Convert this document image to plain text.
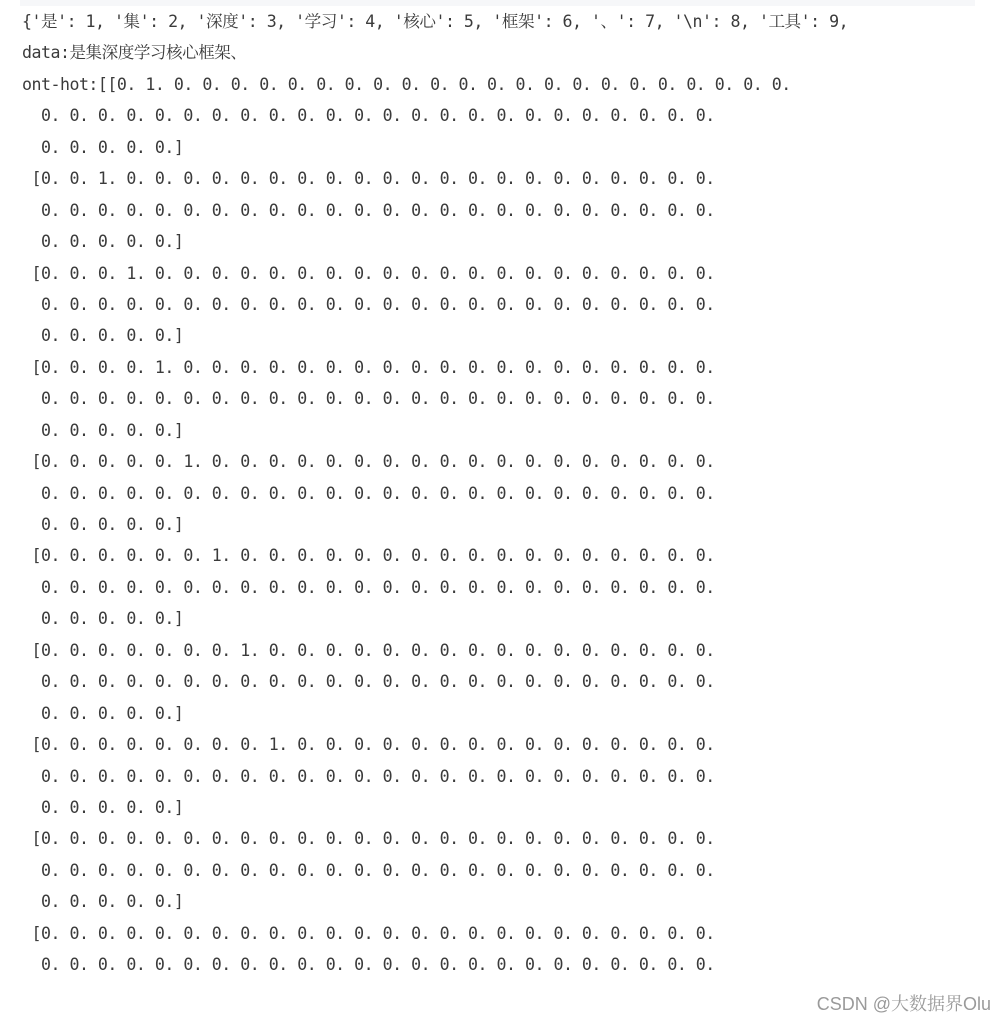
{'是': 1, '集': 2, '深度': 3, '学习': 4, '核心': 5, '框架': 6, '、': 7, '\n': 8, '工具': 9,
data:是集深度学习核心框架、
ont-hot:[[0. 1. 0. 0. 0. 0. 0. 0. 0. 0. 0. 0. 0. 0. 0. 0. 0. 0. 0. 0. 0. 0. 0. 0.
0. 0. 0. 0. 0. 0. 0. 0. 0. 0. 0. 0. 0. 0. 0. 0. 0. 0. 0. 0. 0. 0. 0. 0.
0. 0. 0. 0. 0.]
[0. 0. 1. 0. 0. 0. 0. 0. 0. 0. 0. 0. 0. 0. 0. 0. 0. 0. 0. 0. 0. 0. 0. 0.
0. 0. 0. 0. 0. 0. 0. 0. 0. 0. 0. 0. 0. 0. 0. 0. 0. 0. 0. 0. 0. 0. 0. 0.
0. 0. 0. 0. 0.]
[0. 0. 0. 1. 0. 0. 0. 0. 0. 0. 0. 0. 0. 0. 0. 0. 0. 0. 0. 0. 0. 0. 0. 0.
0. 0. 0. 0. 0. 0. 0. 0. 0. 0. 0. 0. 0. 0. 0. 0. 0. 0. 0. 0. 0. 0. 0. 0.
0. 0. 0. 0. 0.]
[0. 0. 0. 0. 1. 0. 0. 0. 0. 0. 0. 0. 0. 0. 0. 0. 0. 0. 0. 0. 0. 0. 0. 0.
0. 0. 0. 0. 0. 0. 0. 0. 0. 0. 0. 0. 0. 0. 0. 0. 0. 0. 0. 0. 0. 0. 0. 0.
0. 0. 0. 0. 0.]
[0. 0. 0. 0. 0. 1. 0. 0. 0. 0. 0. 0. 0. 0. 0. 0. 0. 0. 0. 0. 0. 0. 0. 0.
0. 0. 0. 0. 0. 0. 0. 0. 0. 0. 0. 0. 0. 0. 0. 0. 0. 0. 0. 0. 0. 0. 0. 0.
0. 0. 0. 0. 0.]
[0. 0. 0. 0. 0. 0. 1. 0. 0. 0. 0. 0. 0. 0. 0. 0. 0. 0. 0. 0. 0. 0. 0. 0.
0. 0. 0. 0. 0. 0. 0. 0. 0. 0. 0. 0. 0. 0. 0. 0. 0. 0. 0. 0. 0. 0. 0. 0.
0. 0. 0. 0. 0.]
[0. 0. 0. 0. 0. 0. 0. 1. 0. 0. 0. 0. 0. 0. 0. 0. 0. 0. 0. 0. 0. 0. 0. 0.
0. 0. 0. 0. 0. 0. 0. 0. 0. 0. 0. 0. 0. 0. 0. 0. 0. 0. 0. 0. 0. 0. 0. 0.
0. 0. 0. 0. 0.]
[0. 0. 0. 0. 0. 0. 0. 0. 1. 0. 0. 0. 0. 0. 0. 0. 0. 0. 0. 0. 0. 0. 0. 0.
0. 0. 0. 0. 0. 0. 0. 0. 0. 0. 0. 0. 0. 0. 0. 0. 0. 0. 0. 0. 0. 0. 0. 0.
0. 0. 0. 0. 0.]
[0. 0. 0. 0. 0. 0. 0. 0. 0. 0. 0. 0. 0. 0. 0. 0. 0. 0. 0. 0. 0. 0. 0. 0.
0. 0. 0. 0. 0. 0. 0. 0. 0. 0. 0. 0. 0. 0. 0. 0. 0. 0. 0. 0. 0. 0. 0. 0.
0. 0. 0. 0. 0.]
[0. 0. 0. 0. 0. 0. 0. 0. 0. 0. 0. 0. 0. 0. 0. 0. 0. 0. 0. 0. 0. 0. 0. 0.
0. 0. 0. 0. 0. 0. 0. 0. 0. 0. 0. 0. 0. 0. 0. 0. 0. 0. 0. 0. 0. 0. 0. 0.
CSDN @大数据界Olu
